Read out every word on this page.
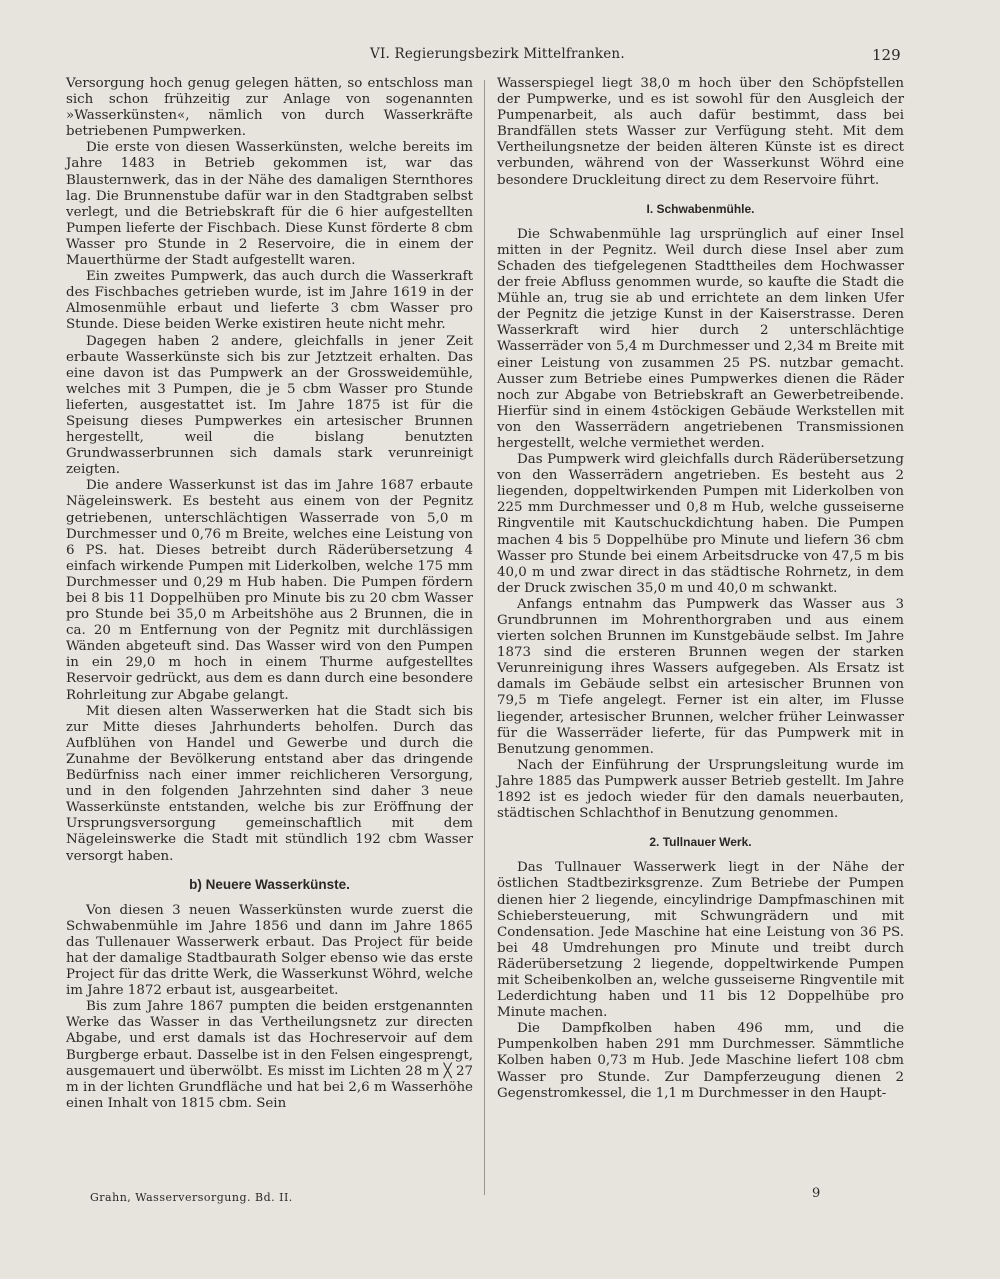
VI. Regierungsbezirk Mittelfranken.	129

Versorgung hoch genug gelegen hätten, so entschloss man sich schon frühzeitig zur Anlage von sogenannten »Wasserkünsten«, nämlich von durch Wasserkräfte betriebenen Pumpwerken.

Die erste von diesen Wasserkünsten, welche bereits im Jahre 1483 in Betrieb gekommen ist, war das Blausternwerk, das in der Nähe des damaligen Sternthores lag. Die Brunnenstube dafür war in den Stadtgraben selbst verlegt, und die Betriebskraft für die 6 hier aufgestellten Pumpen lieferte der Fischbach. Diese Kunst förderte 8 cbm Wasser pro Stunde in 2 Reservoire, die in einem der Mauerthürme der Stadt aufgestellt waren.

Ein zweites Pumpwerk, das auch durch die Wasserkraft des Fischbaches getrieben wurde, ist im Jahre 1619 in der Almosenmühle erbaut und lieferte 3 cbm Wasser pro Stunde. Diese beiden Werke existiren heute nicht mehr.

Dagegen haben 2 andere, gleichfalls in jener Zeit erbaute Wasserkünste sich bis zur Jetztzeit erhalten. Das eine davon ist das Pumpwerk an der Grossweidemühle, welches mit 3 Pumpen, die je 5 cbm Wasser pro Stunde lieferten, ausgestattet ist. Im Jahre 1875 ist für die Speisung dieses Pumpwerkes ein artesischer Brunnen hergestellt, weil die bislang benutzten Grundwasserbrunnen sich damals stark verunreinigt zeigten.

Die andere Wasserkunst ist das im Jahre 1687 erbaute Nägeleinswerk. Es besteht aus einem von der Pegnitz getriebenen, unterschlächtigen Wasserrade von 5,0 m Durchmesser und 0,76 m Breite, welches eine Leistung von 6 PS. hat. Dieses betreibt durch Räderübersetzung 4 einfach wirkende Pumpen mit Liderkolben, welche 175 mm Durchmesser und 0,29 m Hub haben. Die Pumpen fördern bei 8 bis 11 Doppelhüben pro Minute bis zu 20 cbm Wasser pro Stunde bei 35,0 m Arbeitshöhe aus 2 Brunnen, die in ca. 20 m Entfernung von der Pegnitz mit durchlässigen Wänden abgeteuft sind. Das Wasser wird von den Pumpen in ein 29,0 m hoch in einem Thurme aufgestelltes Reservoir gedrückt, aus dem es dann durch eine besondere Rohrleitung zur Abgabe gelangt.

Mit diesen alten Wasserwerken hat die Stadt sich bis zur Mitte dieses Jahrhunderts beholfen. Durch das Aufblühen von Handel und Gewerbe und durch die Zunahme der Bevölkerung entstand aber das dringende Bedürfniss nach einer immer reichlicheren Versorgung, und in den folgenden Jahrzehnten sind daher 3 neue Wasserkünste entstanden, welche bis zur Eröffnung der Ursprungsversorgung gemeinschaftlich mit dem Nägeleinswerke die Stadt mit stündlich 192 cbm Wasser versorgt haben.

b) Neuere Wasserkünste.

Von diesen 3 neuen Wasserkünsten wurde zuerst die Schwabenmühle im Jahre 1856 und dann im Jahre 1865 das Tullenauer Wasserwerk erbaut. Das Project für beide hat der damalige Stadtbaurath Solger ebenso wie das erste Project für das dritte Werk, die Wasserkunst Wöhrd, welche im Jahre 1872 erbaut ist, ausgearbeitet.

Bis zum Jahre 1867 pumpten die beiden erstgenannten Werke das Wasser in das Vertheilungsnetz zur directen Abgabe, und erst damals ist das Hochreservoir auf dem Burgberge erbaut. Dasselbe ist in den Felsen eingesprengt, ausgemauert und überwölbt. Es misst im Lichten 28 m ╳ 27 m in der lichten Grundfläche und hat bei 2,6 m Wasserhöhe einen Inhalt von 1815 cbm. Sein

Wasserspiegel liegt 38,0 m hoch über den Schöpfstellen der Pumpwerke, und es ist sowohl für den Ausgleich der Pumpenarbeit, als auch dafür bestimmt, dass bei Brandfällen stets Wasser zur Verfügung steht. Mit dem Vertheilungsnetze der beiden älteren Künste ist es direct verbunden, während von der Wasserkunst Wöhrd eine besondere Druckleitung direct zu dem Reservoire führt.

I. Schwabenmühle.

Die Schwabenmühle lag ursprünglich auf einer Insel mitten in der Pegnitz. Weil durch diese Insel aber zum Schaden des tiefgelegenen Stadttheiles dem Hochwasser der freie Abfluss genommen wurde, so kaufte die Stadt die Mühle an, trug sie ab und errichtete an dem linken Ufer der Pegnitz die jetzige Kunst in der Kaiserstrasse. Deren Wasserkraft wird hier durch 2 unterschlächtige Wasserräder von 5,4 m Durchmesser und 2,34 m Breite mit einer Leistung von zusammen 25 PS. nutzbar gemacht. Ausser zum Betriebe eines Pumpwerkes dienen die Räder noch zur Abgabe von Betriebskraft an Gewerbetreibende. Hierfür sind in einem 4stöckigen Gebäude Werkstellen mit von den Wasserrädern angetriebenen Transmissionen hergestellt, welche vermiethet werden.

Das Pumpwerk wird gleichfalls durch Räderübersetzung von den Wasserrädern angetrieben. Es besteht aus 2 liegenden, doppeltwirkenden Pumpen mit Liderkolben von 225 mm Durchmesser und 0,8 m Hub, welche gusseiserne Ringventile mit Kautschuckdichtung haben. Die Pumpen machen 4 bis 5 Doppelhübe pro Minute und liefern 36 cbm Wasser pro Stunde bei einem Arbeitsdrucke von 47,5 m bis 40,0 m und zwar direct in das städtische Rohrnetz, in dem der Druck zwischen 35,0 m und 40,0 m schwankt.

Anfangs entnahm das Pumpwerk das Wasser aus 3 Grundbrunnen im Mohrenthorgraben und aus einem vierten solchen Brunnen im Kunstgebäude selbst. Im Jahre 1873 sind die ersteren Brunnen wegen der starken Verunreinigung ihres Wassers aufgegeben. Als Ersatz ist damals im Gebäude selbst ein artesischer Brunnen von 79,5 m Tiefe angelegt. Ferner ist ein alter, im Flusse liegender, artesischer Brunnen, welcher früher Leinwasser für die Wasserräder lieferte, für das Pumpwerk mit in Benutzung genommen.

Nach der Einführung der Ursprungsleitung wurde im Jahre 1885 das Pumpwerk ausser Betrieb gestellt. Im Jahre 1892 ist es jedoch wieder für den damals neuerbauten, städtischen Schlachthof in Benutzung genommen.

2. Tullnauer Werk.

Das Tullnauer Wasserwerk liegt in der Nähe der östlichen Stadtbezirksgrenze. Zum Betriebe der Pumpen dienen hier 2 liegende, eincylindrige Dampfmaschinen mit Schiebersteuerung, mit Schwungrädern und mit Condensation. Jede Maschine hat eine Leistung von 36 PS. bei 48 Umdrehungen pro Minute und treibt durch Räderübersetzung 2 liegende, doppeltwirkende Pumpen mit Scheibenkolben an, welche gusseiserne Ringventile mit Lederdichtung haben und 11 bis 12 Doppelhübe pro Minute machen.

Die Dampfkolben haben 496 mm, und die Pumpenkolben haben 291 mm Durchmesser. Sämmtliche Kolben haben 0,73 m Hub. Jede Maschine liefert 108 cbm Wasser pro Stunde. Zur Dampferzeugung dienen 2 Gegenstromkessel, die 1,1 m Durchmesser in den Haupt-

Grahn, Wasserversorgung. Bd. II.	9
